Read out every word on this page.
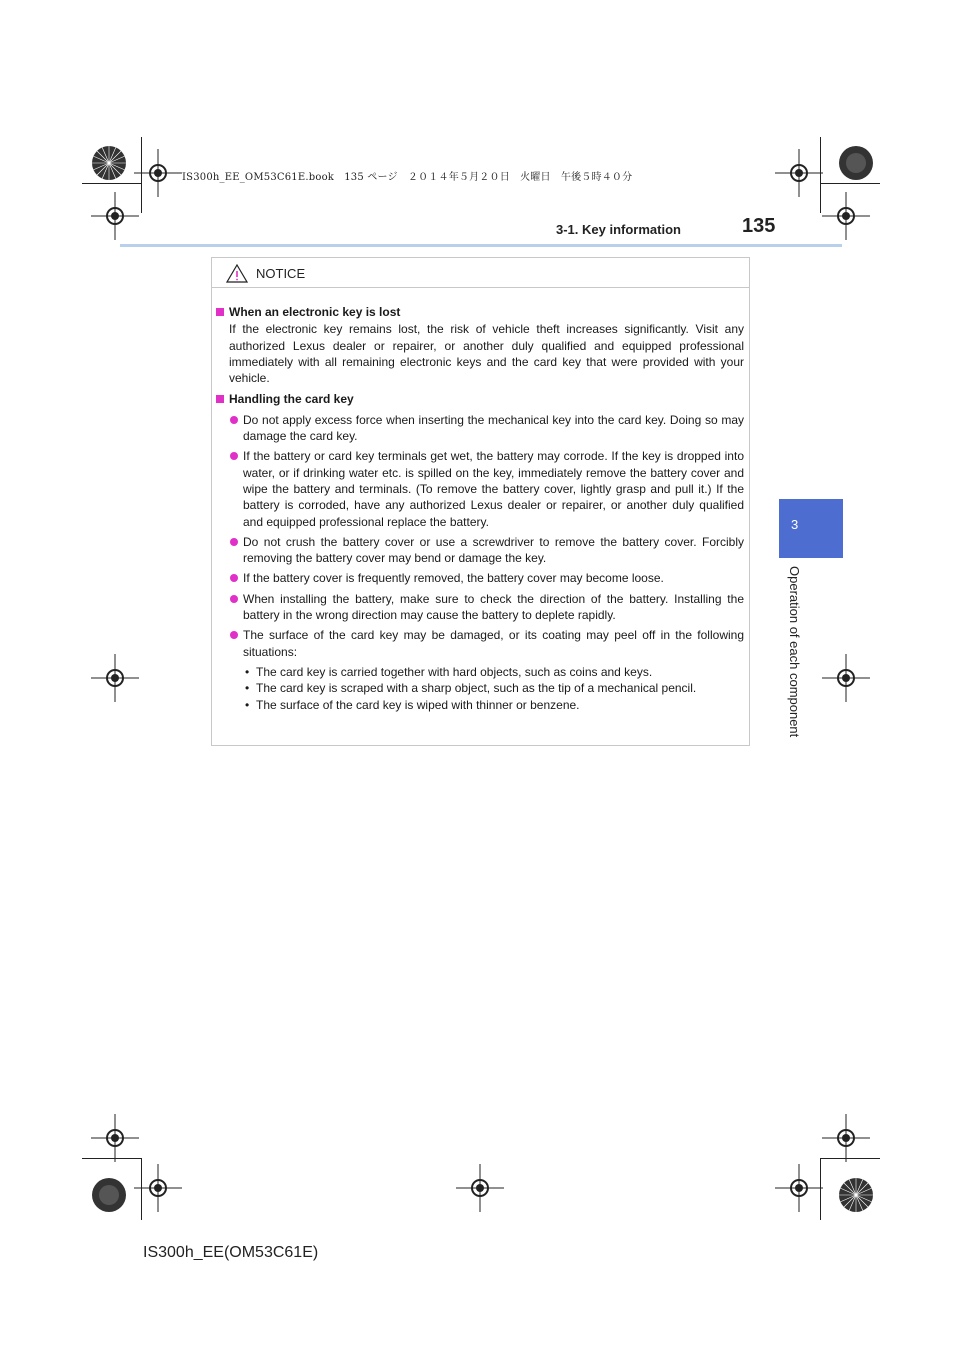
IS300h_EE_OM53C61E.book　135 ページ　２０１４年５月２０日　火曜日　午後５時４０分
3-1. Key information	135
3
Operation of each component
NOTICE
When an electronic key is lost
If the electronic key remains lost, the risk of vehicle theft increases significantly. Visit any authorized Lexus dealer or repairer, or another duly qualified and equipped professional immediately with all remaining electronic keys and the card key that were provided with your vehicle.
Handling the card key
Do not apply excess force when inserting the mechanical key into the card key. Doing so may damage the card key.
If the battery or card key terminals get wet, the battery may corrode. If the key is dropped into water, or if drinking water etc. is spilled on the key, immediately remove the battery cover and wipe the battery and terminals. (To remove the battery cover, lightly grasp and pull it.) If the battery is corroded, have any authorized Lexus dealer or repairer, or another duly qualified and equipped professional replace the battery.
Do not crush the battery cover or use a screwdriver to remove the battery cover. Forcibly removing the battery cover may bend or damage the key.
If the battery cover is frequently removed, the battery cover may become loose.
When installing the battery, make sure to check the direction of the battery. Installing the battery in the wrong direction may cause the battery to deplete rapidly.
The surface of the card key may be damaged, or its coating may peel off in the following situations:
• The card key is carried together with hard objects, such as coins and keys.
• The card key is scraped with a sharp object, such as the tip of a mechanical pencil.
• The surface of the card key is wiped with thinner or benzene.
IS300h_EE(OM53C61E)
